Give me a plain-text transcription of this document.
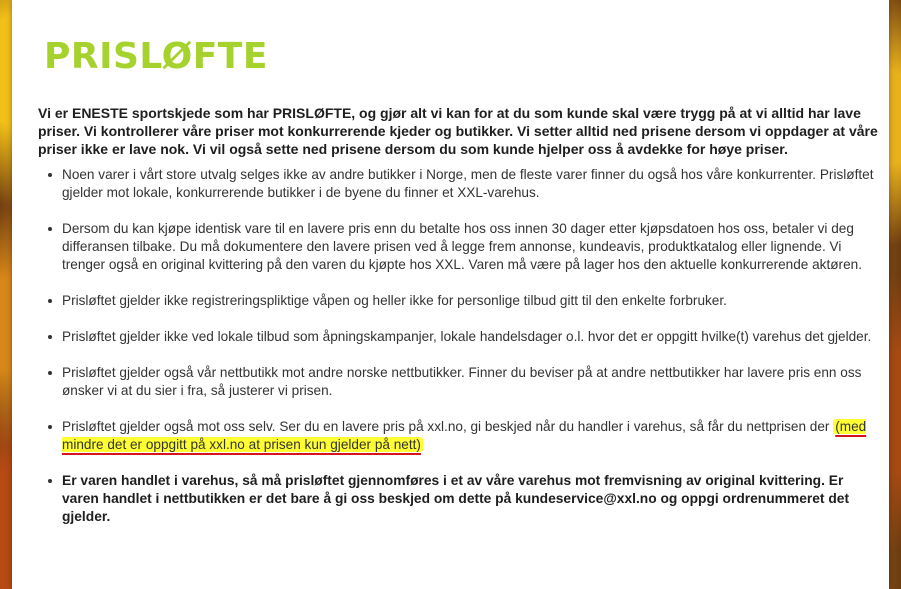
PRISLØFTE

Vi er ENESTE sportskjede som har PRISLØFTE, og gjør alt vi kan for at du som kunde skal være trygg på at vi alltid har lave priser. Vi kontrollerer våre priser mot konkurrerende kjeder og butikker. Vi setter alltid ned prisene dersom vi oppdager at våre priser ikke er lave nok. Vi vil også sette ned prisene dersom du som kunde hjelper oss å avdekke for høye priser.

Noen varer i vårt store utvalg selges ikke av andre butikker i Norge, men de fleste varer finner du også hos våre konkurrenter. Prisløftet gjelder mot lokale, konkurrerende butikker i de byene du finner et XXL-varehus.
Dersom du kan kjøpe identisk vare til en lavere pris enn du betalte hos oss innen 30 dager etter kjøpsdatoen hos oss, betaler vi deg differansen tilbake. Du må dokumentere den lavere prisen ved å legge frem annonse, kundeavis, produktkatalog eller lignende. Vi trenger også en original kvittering på den varen du kjøpte hos XXL. Varen må være på lager hos den aktuelle konkurrerende aktøren.
Prisløftet gjelder ikke registreringspliktige våpen og heller ikke for personlige tilbud gitt til den enkelte forbruker.
Prisløftet gjelder ikke ved lokale tilbud som åpningskampanjer, lokale handelsdager o.l. hvor det er oppgitt hvilke(t) varehus det gjelder.
Prisløftet gjelder også vår nettbutikk mot andre norske nettbutikker. Finner du beviser på at andre nettbutikker har lavere pris enn oss ønsker vi at du sier i fra, så justerer vi prisen.
Prisløftet gjelder også mot oss selv. Ser du en lavere pris på xxl.no, gi beskjed når du handler i varehus, så får du nettprisen der (med mindre det er oppgitt på xxl.no at prisen kun gjelder på nett)
Er varen handlet i varehus, så må prisløftet gjennomføres i et av våre varehus mot fremvisning av original kvittering. Er varen handlet i nettbutikken er det bare å gi oss beskjed om dette på kundeservice@xxl.no og oppgi ordrenummeret det gjelder.
